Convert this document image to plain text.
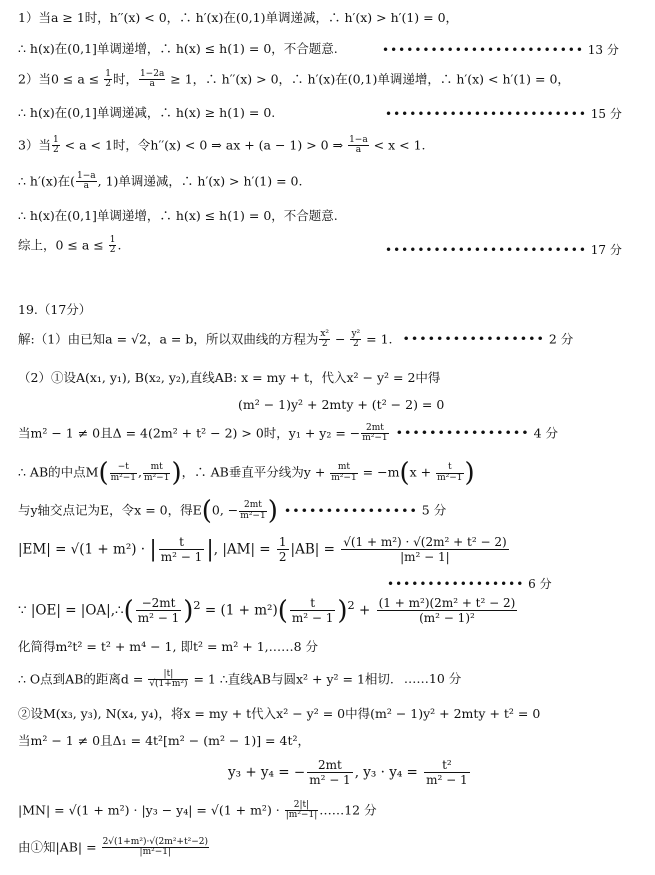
1）当a ≥ 1时，h′′(x) < 0，∴ h′(x)在(0,1)单调递减，∴ h′(x) > h′(1) = 0，
∴ h(x)在(0,1]单调递增，∴ h(x) ≤ h(1) = 0，不合题意.	••••••••••••••••••••••••• 13 分
2）当$0 \le a \le \frac{1}{2}$ 时， $\frac{1-2a}{a} \ge 1$，∴ h′′(x) > 0，∴ h′(x)在(0,1)单调递增，∴ h′(x) < h′(1) = 0，
∴ h(x)在(0,1]单调递减，∴ h(x) ≥ h(1) = 0.	••••••••••••••••••••••••• 15 分
3）当 $\frac{1}{2} < a < 1$时，令h′′(x) < 0 ⇒ ax + (a − 1) > 0 ⇒ $\frac{1-a}{a} < x < 1$.
∴ h′(x)在( $\frac{1-a}{a}$ , 1)单调递减，∴ h′(x) > h′(1) = 0.
∴ h(x)在(0,1]单调递增，∴ h(x) ≤ h(1) = 0，不合题意.
综上，$0 \le a \le \frac{1}{2}$ .	••••••••••••••••••••••••• 17 分
19.（17分）
解:（1）由已知a = √2，a = b，所以双曲线的方程为 $\frac{\text{x²}}{2} - \frac{\text{y²}}{2} = 1$. ••••••••••••••••• 2 分
（2）①设A(x₁, y₁), B(x₂, y₂),直线AB: x = my + t，代入x² − y² = 2中得
(m² − 1)y² + 2mty + (t² − 2) = 0
当m² − 1 ≠ 0且Δ = 4(2m² + t² − 2) > 0时，y₁ + y₂ = − $\frac{2mt}{\text{m²−1}}$ •••••••••••••••• 4 分
∴ AB的中点$M( \frac{-t}{\text{m²−1}}$ , $\frac{mt}{\text{m²−1}}$ )，∴ AB垂直平分线为$y + \frac{mt}{\text{m²−1}} = -m(x + \frac{t}{\text{m²−1}}$ )
与y轴交点记为E，令x = 0，得E(0, − $\frac{2mt}{\text{m²−1}}$ ) •••••••••••••••• 5 分
|EM| = √(1 + m²) · | $\frac{t}{\text{m² − 1}}$ |, $|AM| = \frac{1}{2} |AB| = \frac{\text{√(1 + m²) · √(2m² + t² − 2)}}{\text{|m² − 1|}}$
••••••••••••••••• 6 分
∵ |OE| = |OA|,∴( $\frac{-2mt}{\text{m² − 1}} )^2 = (1 + m^2)( \frac{t}{\text{m² − 1}} )^2 + \frac{\text{(1 + m²)(2m² + t² − 2)}}{\text{(m² − 1)²}}$
化简得m²t² = t² + m⁴ − 1, 即t² = m² + 1,……8 分
∴ O点到AB的距离$d = \frac{|t|}{\text{√(1+m²)}} = 1$ ∴直线AB与圆x² + y² = 1相切. ……10 分
②设M(x₃, y₃), N(x₄, y₄)，将x = my + t代入x² − y² = 0中得(m² − 1)y² + 2mty + t² = 0
当m² − 1 ≠ 0且Δ₁ = 4t²[m² − (m² − 1)] = 4t²，
y₃ + y₄ = − $\frac{2mt}{\text{m² − 1}}$ , $y_3 \cdot y_4 = \frac{\text{t²}}{\text{m² − 1}}$
$|MN| = √(1 + m^2) \cdot |y_3 - y_4| = √(1 + m^2) \cdot \frac{2|t|}{\text{|m²−1|}}$ ……12 分
由①知$|AB| = \frac{\text{2√(1+m²)·√(2m²+t²−2)}}{\text{|m²−1|}}$
